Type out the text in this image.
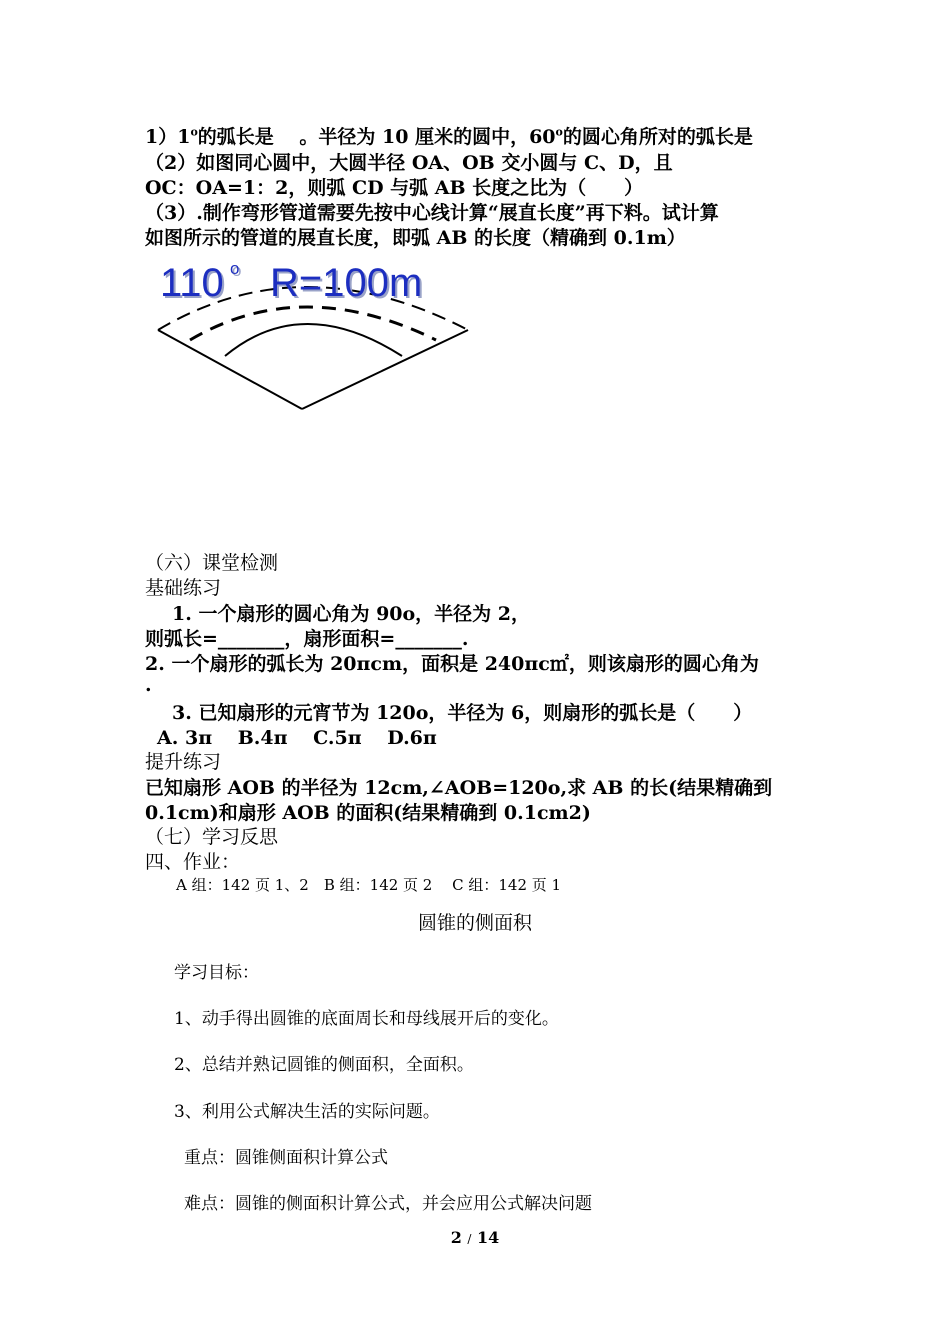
1）1$^o$的弧长是　 。半径为 10 厘米的圆中，60$^o$的圆心角所对的弧长是
（2）如图同心圆中，大圆半径 OA、OB 交小圆与 C、D，且
OC：OA=1：2，则弧 CD 与弧 AB 长度之比为（　　）
（3）.制作弯形管道需要先按中心线计算“展直长度”再下料。试计算
如图所示的管道的展直长度，即弧 AB 的长度（精确到 0.1m）
110 o R=100m
（六）课堂检测
基础练习
1. 一个扇形的圆心角为 90o，半径为 2，
则弧长=_______，扇形面积=_______.
2. 一个扇形的弧长为 20πcm，面积是 240πc㎡，则该扇形的圆心角为
.
3. 已知扇形的元宵节为 120o，半径为 6，则扇形的弧长是（　　）
A. 3π　 B.4π　 C.5π　 D.6π
提升练习
已知扇形 AOB 的半径为 12cm,∠AOB=120o,求 AB 的长(结果精确到
0.1cm)和扇形 AOB 的面积(结果精确到 0.1cm2)
（七）学习反思
四、作业：
A 组：142 页 1、2　B 组：142 页 2　 C 组：142 页 1
圆锥的侧面积
学习目标：
1、动手得出圆锥的底面周长和母线展开后的变化。
2、总结并熟记圆锥的侧面积，全面积。
3、利用公式解决生活的实际问题。
重点：圆锥侧面积计算公式
难点：圆锥的侧面积计算公式，并会应用公式解决问题
2 / 14
